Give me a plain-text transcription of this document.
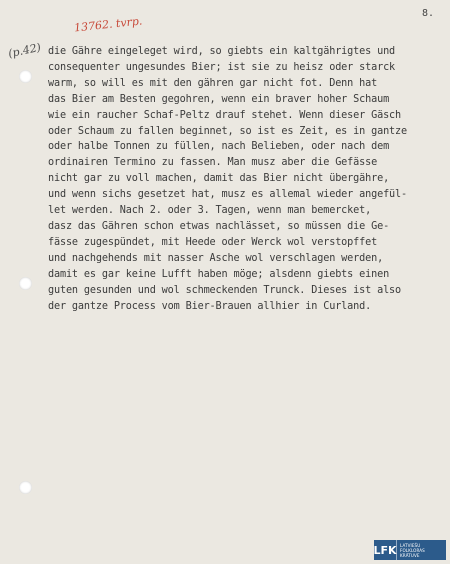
8.
13762. tvrp.
(p.42) die Gähre eingeleget wird, so giebts ein kaltgährigtes und
consequenter ungesundes Bier; ist sie zu heisz oder starck
warm, so will es mit den gähren gar nicht fot. Denn hat
das Bier am Besten gegohren, wenn ein braver hoher Schaum
wie ein raucher Schaf-Peltz drauf stehet. Wenn dieser Gäsch
oder Schaum zu fallen beginnet, so ist es Zeit, es in gantze
oder halbe Tonnen zu füllen, nach Belieben, oder nach dem
ordinairen Termino zu fassen. Man musz aber die Gefässe
nicht gar zu voll machen, damit das Bier nicht übergähre,
und wenn sichs gesetzet hat, musz es allemal wieder angefül-
let werden. Nach 2. oder 3. Tagen, wenn man bemercket,
dasz das Gähren schon etwas nachlässet, so müssen die Ge-
fässe zugespündet, mit Heede oder Werck wol verstopffet
und nachgehends mit nasser Asche wol verschlagen werden,
damit es gar keine Lufft haben möge; alsdenn giebts einen
guten gesunden und wol schmeckenden Trunck. Dieses ist also
der gantze Process vom Bier-Brauen allhier in Curland.
LFK LATVIEŠU
FOLKLORAS
KRĀTUVE
